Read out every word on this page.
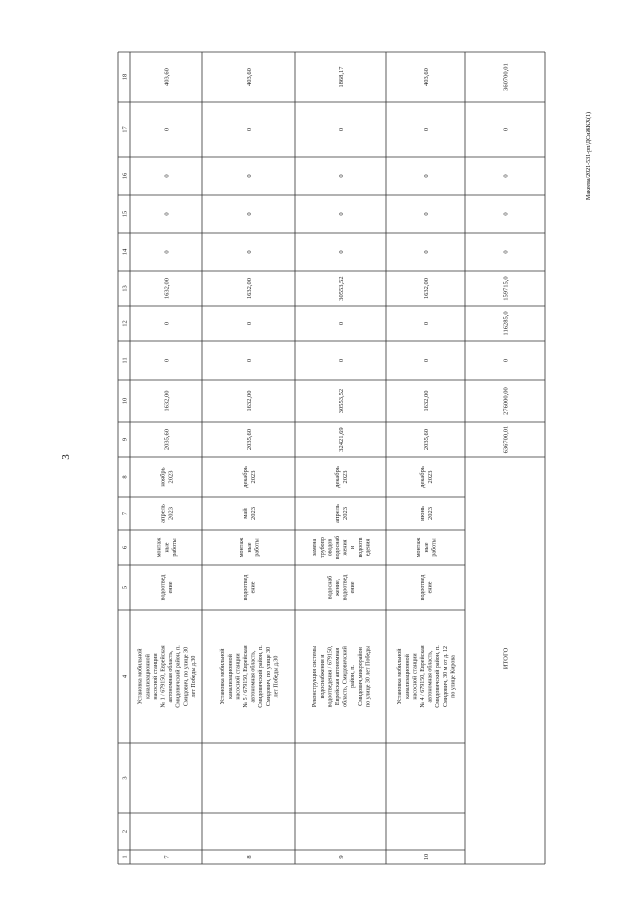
3
Макеева/2021-531-рп/ДСиЖКХ(1)
1
2
3
4
5
6
7
8
9
10
11
12
13
14
15
16
17
18
7
Установка мобильной канализационной насосной станции № 1 / 679150, Еврейская автономная область, Смидовичский район, п. Смидович, по улице 30 лет Победы д.30
водоотвед ение
монтаж ные работы
апрель2023
ноябрь2023
2035,60
1632,00
0
0
1632,00
0
0
0
0
403,60
8
Установка мобильной канализационной насосной станции № 5 / 679150, Еврейская автономная область, Смидовичский район, п. Смидович, по улице 30 лет Победы д.30
водоотвед ение
монтаж ные работы
май2023
декабрь2023
2035,60
1632,00
0
0
1632,00
0
0
0
0
403,60
9
Реконструкция системы водоснабжения и водоотведения / 679150, Еврейская автономная область, Смидовичский район, п. Смидович,микрорайон по улице 30 лет Победы
водоснаб жение, водоотвед ение
замена трубопр оводов водоснаб жения и водоотв едения
апрель2023
декабрь2023
32421,69
30553,52
0
0
30553,52
0
0
0
0
1868,17
10
Установка мобильной канализационной насосной станции № 4 / 679150, Еврейская автономная область, Смидовичский район, п. Смидович, 30 м от д. 12 по улице Кирова
водоотвед ение
монтаж ные работы
июнь2023
декабрь2023
2035,60
1632,00
0
0
1632,00
0
0
0
0
403,60
ИТОГО
636700,01
276000,00
0
116285,0
159715,0
0
0
0
0
360700,01
